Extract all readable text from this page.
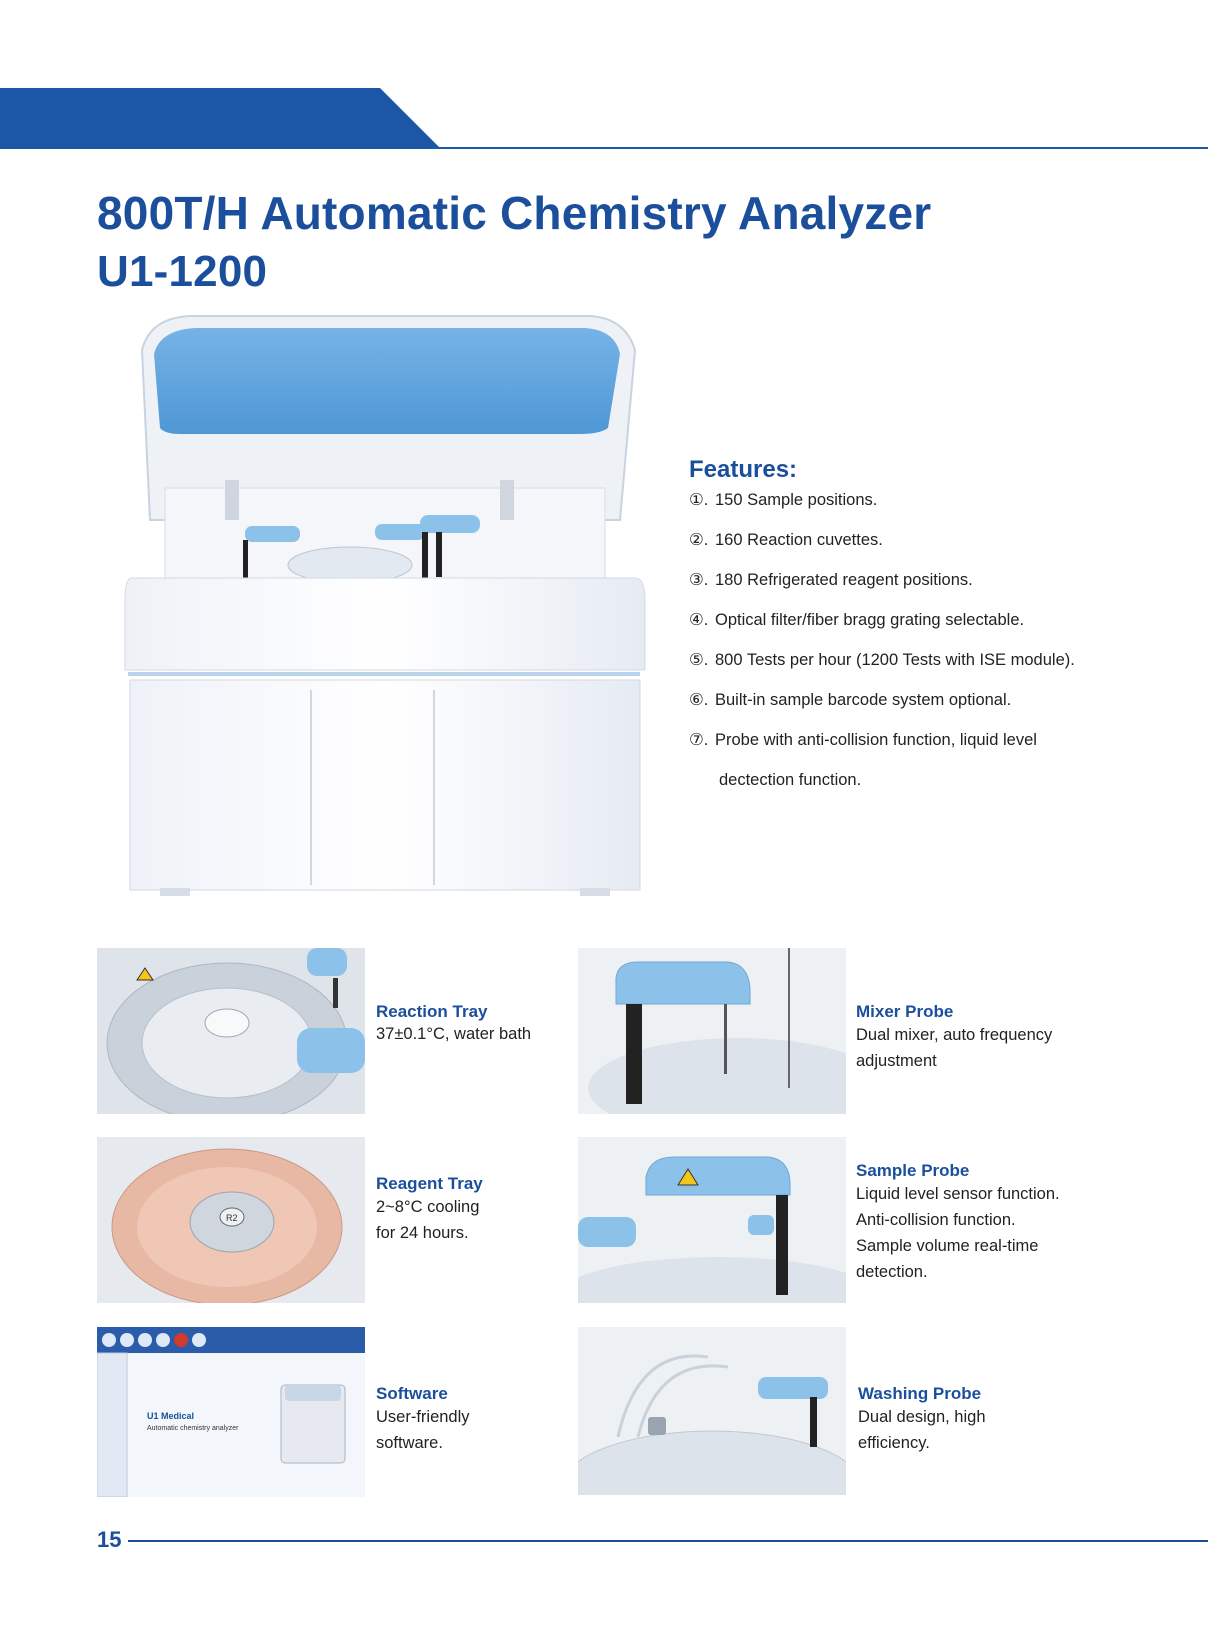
800T/H Automatic Chemistry Analyzer
U1-1200
Features:
①. 150 Sample positions.
②. 160 Reaction cuvettes.
③. 180 Refrigerated reagent positions.
④. Optical filter/fiber bragg grating selectable.
⑤. 800 Tests per hour (1200 Tests with ISE module).
⑥. Built-in sample barcode system optional.
⑦. Probe with anti-collision function, liquid level
dectection function.
Reaction Tray
37±0.1°C, water bath
Mixer Probe
Dual mixer, auto frequency
adjustment
R2
Reagent Tray
2~8°C cooling
for 24 hours.
Sample Probe
Liquid level sensor function.
Anti-collision function.
Sample volume real-time
detection.
U1 Medical
Automatic chemistry analyzer
Software
User-friendly
software.
Washing Probe
Dual design, high
efficiency.
15
